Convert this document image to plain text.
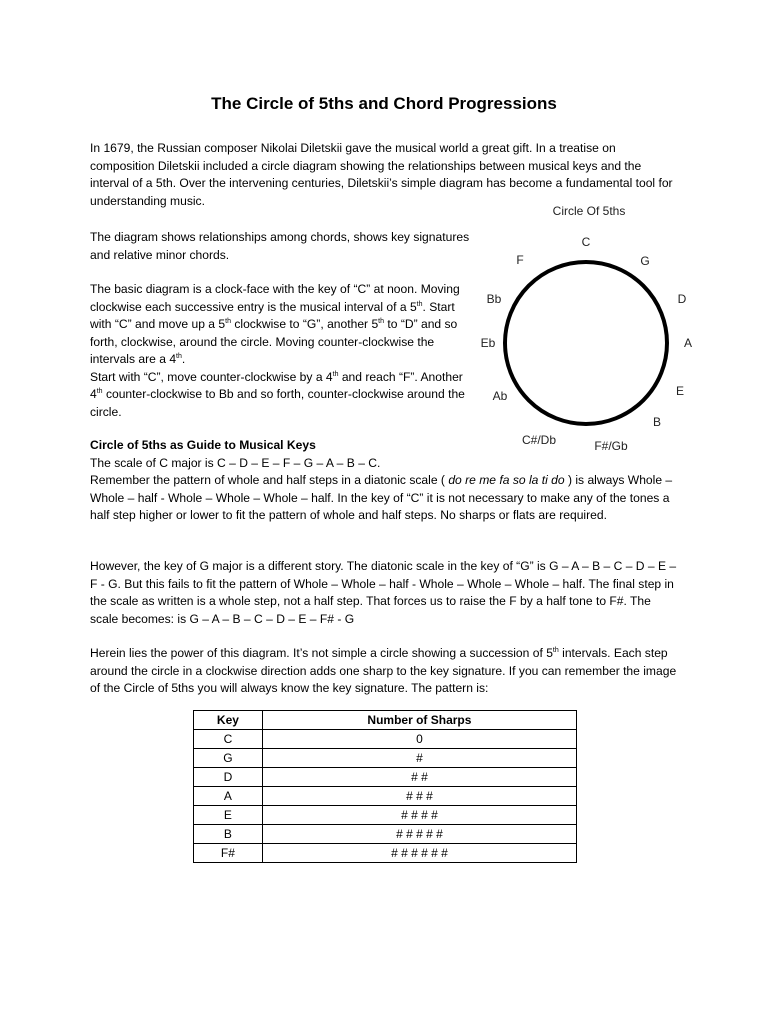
The Circle of 5ths and Chord Progressions

In 1679, the Russian composer Nikolai Diletskii gave the musical world a great gift. In a treatise on composition Diletskii included a circle diagram showing the relationships between musical keys and the interval of a 5th. Over the intervening centuries, Diletskii’s simple diagram has become a fundamental tool for understanding music.

The diagram shows relationships among chords, shows key signatures and relative minor chords.

The basic diagram is a clock-face with the key of “C” at noon. Moving clockwise each successive entry is the musical interval of a 5th. Start with “C” and move up a 5th clockwise to “G”, another 5th to “D” and so forth, clockwise, around the circle. Moving counter-clockwise the intervals are a 4th.
Start with “C”, move counter-clockwise by a 4th and reach “F”. Another 4th counter-clockwise to Bb and so forth, counter-clockwise around the circle.

Circle of 5ths as Guide to Musical Keys
The scale of C major is C – D – E – F – G – A – B – C.
Remember the pattern of whole and half steps in a diatonic scale ( do re me fa so la ti do ) is always Whole – Whole – half - Whole – Whole – Whole – half. In the key of “C” it is not necessary to make any of the tones a half step higher or lower to fit the pattern of whole and half steps. No sharps or flats are required.

However, the key of G major is a different story. The diatonic scale in the key of “G” is G – A – B – C – D – E – F - G. But this fails to fit the pattern of Whole – Whole – half - Whole – Whole – Whole – half. The final step in the scale as written is a whole step, not a half step. That forces us to raise the F by a half tone to F#. The scale becomes: is G – A – B – C – D – E – F# - G

Herein lies the power of this diagram. It’s not simple a circle showing a succession of 5th intervals. Each step around the circle in a clockwise direction adds one sharp to the key signature. If you can remember the image of the Circle of 5ths you will always know the key signature. The pattern is:

Circle Of 5ths
C
G
D
A
E
B
F#/Gb
C#/Db
Ab
Eb
Bb
F
Key	Number of Sharps
C	0
G	#
D	# #
A	# # #
E	# # # #
B	# # # # #
F#	# # # # # #
